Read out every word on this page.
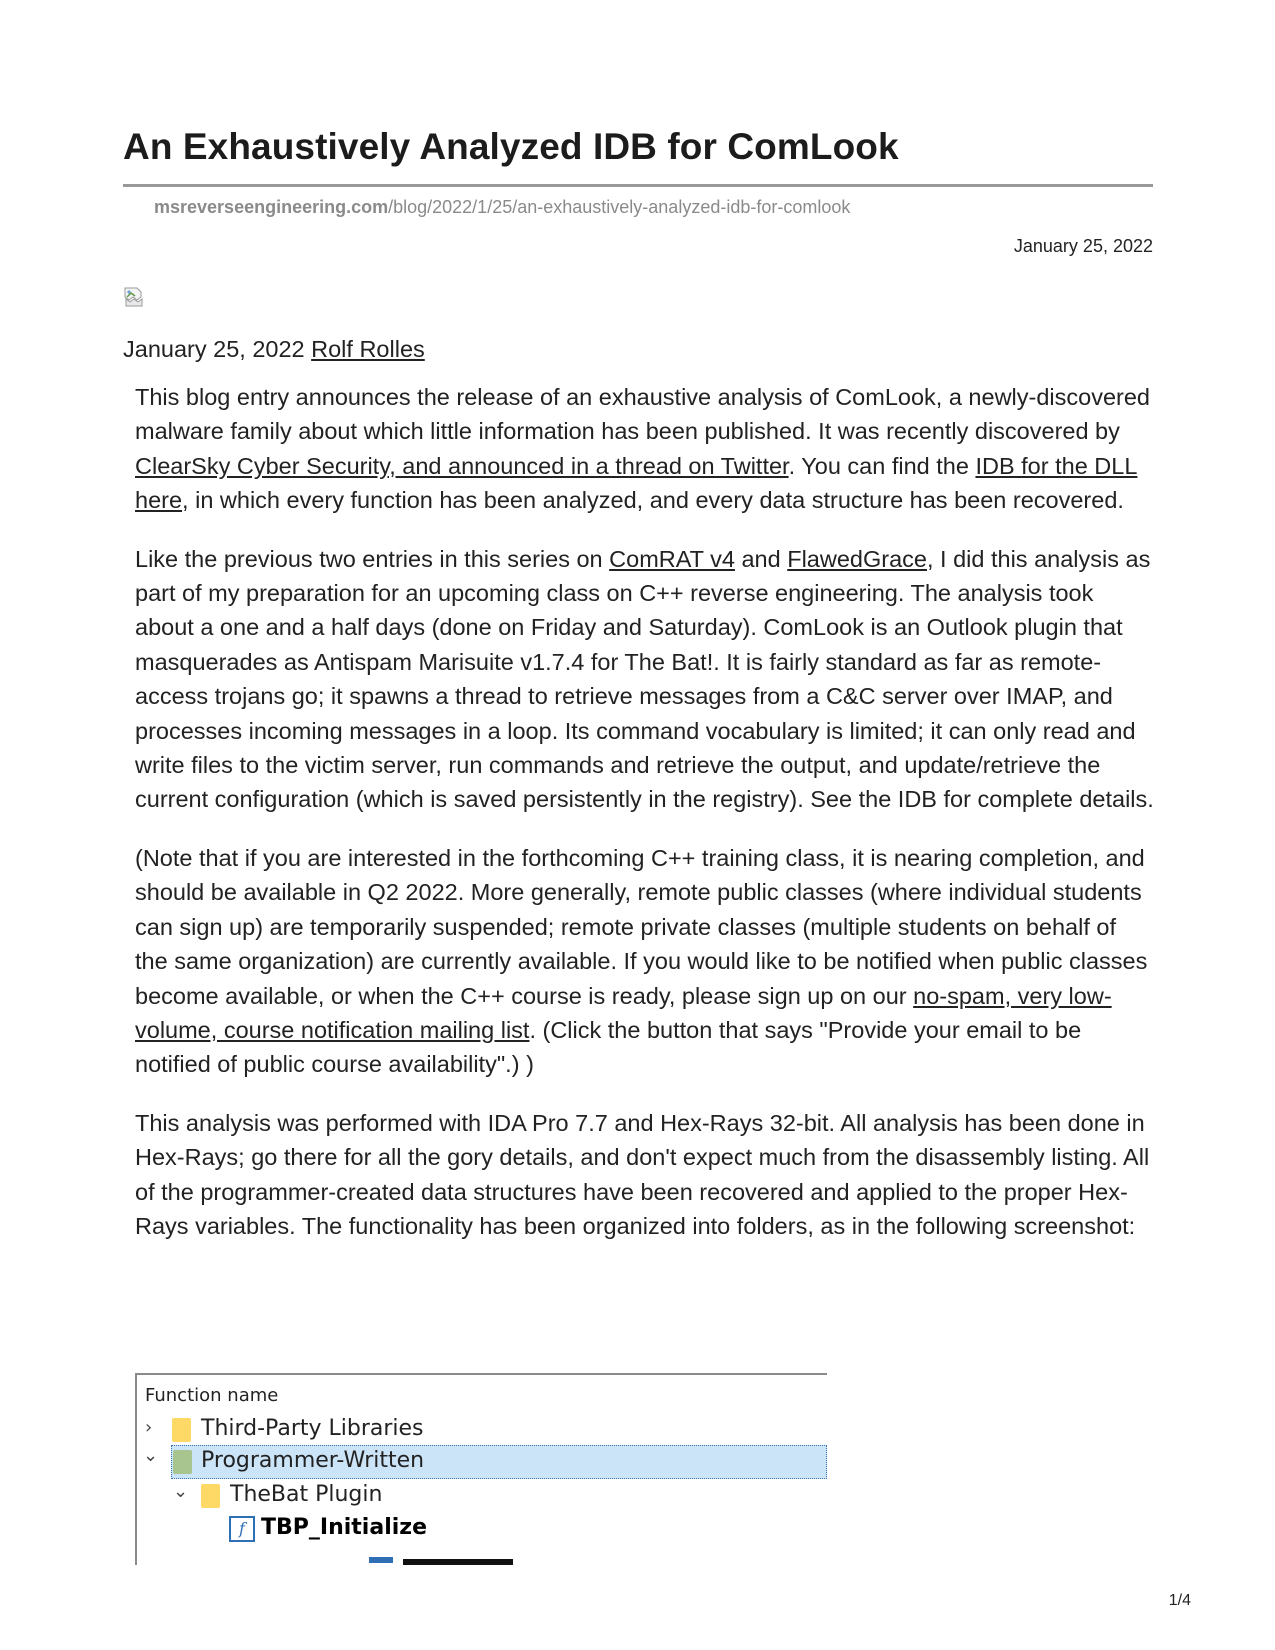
An Exhaustively Analyzed IDB for ComLook
msreverseengineering.com/blog/2022/1/25/an-exhaustively-analyzed-idb-for-comlook
January 25, 2022
January 25, 2022 Rolf Rolles

This blog entry announces the release of an exhaustive analysis of ComLook, a newly-discovered malware family about which little information has been published. It was recently discovered by ClearSky Cyber Security, and announced in a thread on Twitter. You can find the IDB for the DLL here, in which every function has been analyzed, and every data structure has been recovered.

Like the previous two entries in this series on ComRAT v4 and FlawedGrace, I did this analysis as part of my preparation for an upcoming class on C++ reverse engineering. The analysis took about a one and a half days (done on Friday and Saturday). ComLook is an Outlook plugin that masquerades as Antispam Marisuite v1.7.4 for The Bat!. It is fairly standard as far as remote-access trojans go; it spawns a thread to retrieve messages from a C&C server over IMAP, and processes incoming messages in a loop. Its command vocabulary is limited; it can only read and write files to the victim server, run commands and retrieve the output, and update/retrieve the current configuration (which is saved persistently in the registry). See the IDB for complete details.

(Note that if you are interested in the forthcoming C++ training class, it is nearing completion, and should be available in Q2 2022. More generally, remote public classes (where individual students can sign up) are temporarily suspended; remote private classes (multiple students on behalf of the same organization) are currently available. If you would like to be notified when public classes become available, or when the C++ course is ready, please sign up on our no-spam, very low-volume, course notification mailing list. (Click the button that says "Provide your email to be notified of public course availability".) )

This analysis was performed with IDA Pro 7.7 and Hex-Rays 32-bit. All analysis has been done in Hex-Rays; go there for all the gory details, and don't expect much from the disassembly listing. All of the programmer-created data structures have been recovered and applied to the proper Hex-Rays variables. The functionality has been organized into folders, as in the following screenshot:

Function name
› Third-Party Libraries
⌄ Programmer-Written
⌄ TheBat Plugin
f TBP_Initialize
1/4
